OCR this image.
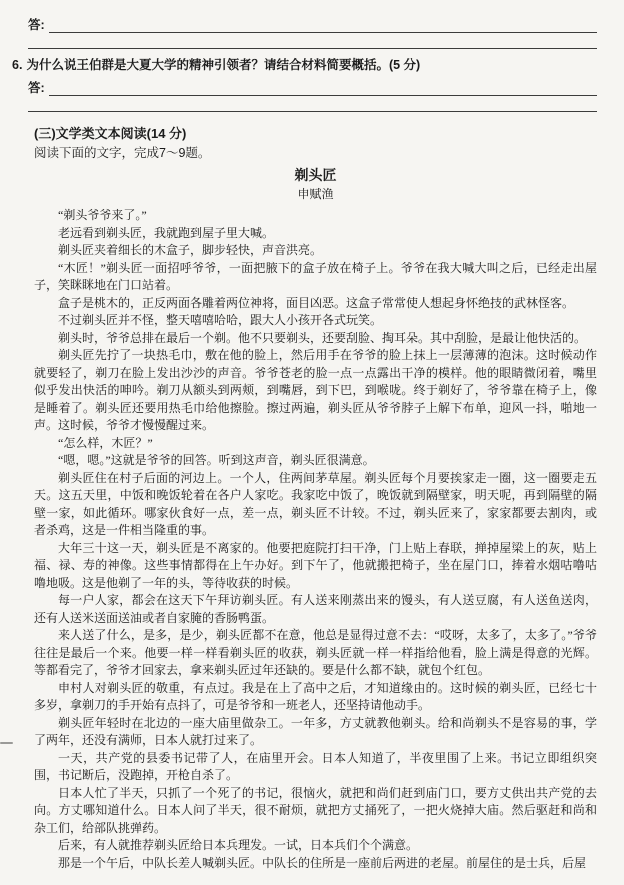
答:
6. 为什么说王伯群是大夏大学的精神引领者？请结合材料简要概括。(5 分)
答:
(三)文学类文本阅读(14 分)
阅读下面的文字，完成7～9题。
剃头匠
申赋渔

“剃头爷爷来了。”

老远看到剃头匠，我就跑到屋子里大喊。

剃头匠夹着细长的木盒子，脚步轻快，声音洪亮。

“木匠！”剃头匠一面招呼爷爷，一面把腋下的盒子放在椅子上。爷爷在我大喊大叫之后，已经走出屋子，笑眯眯地在门口站着。

盒子是桃木的，正反两面各雕着两位神将，面目凶恶。这盒子常常使人想起身怀绝技的武林怪客。

不过剃头匠并不怪，整天嘻嘻哈哈，跟大人小孩开各式玩笑。

剃头时，爷爷总排在最后一个剃。他不只要剃头，还要刮脸、掏耳朵。其中刮脸，是最让他快活的。

剃头匠先拧了一块热毛巾，敷在他的脸上，然后用手在爷爷的脸上抹上一层薄薄的泡沫。这时候动作就要轻了，剃刀在脸上发出沙沙的声音。爷爷苍老的脸一点一点露出干净的模样。他的眼睛微闭着，嘴里似乎发出快活的呻吟。剃刀从额头到两颊，到嘴唇，到下巴，到喉咙。终于剃好了，爷爷靠在椅子上，像是睡着了。剃头匠还要用热毛巾给他擦脸。擦过两遍，剃头匠从爷爷脖子上解下布单，迎风一抖，啪地一声。这时候，爷爷才慢慢醒过来。

“怎么样，木匠？”

“嗯，嗯。”这就是爷爷的回答。听到这声音，剃头匠很满意。

剃头匠住在村子后面的河边上。一个人，住两间茅草屋。剃头匠每个月要挨家走一圈，这一圈要走五天。这五天里，中饭和晚饭轮着在各户人家吃。我家吃中饭了，晚饭就到隔壁家，明天呢，再到隔壁的隔壁一家，如此循环。哪家伙食好一点，差一点，剃头匠不计较。不过，剃头匠来了，家家都要去割肉，或者杀鸡，这是一件相当隆重的事。

大年三十这一天，剃头匠是不离家的。他要把庭院打扫干净，门上贴上春联，掸掉屋梁上的灰，贴上福、禄、寿的神像。这些事情都得在上午办好。到下午了，他就搬把椅子，坐在屋门口，捧着水烟咕噜咕噜地吸。这是他剃了一年的头，等待收获的时候。

每一户人家，都会在这天下午拜访剃头匠。有人送来刚蒸出来的馒头，有人送豆腐，有人送鱼送肉，还有人送米送面送油或者自家腌的香肠鸭蛋。

来人送了什么，是多，是少，剃头匠都不在意，他总是显得过意不去：“哎呀，太多了，太多了。”爷爷往往是最后一个来。他要一样一样看剃头匠的收获，剃头匠就一样一样指给他看，脸上满是得意的光辉。等都看完了，爷爷才回家去，拿来剃头匠过年还缺的。要是什么都不缺，就包个红包。

申村人对剃头匠的敬重，有点过。我是在上了高中之后，才知道缘由的。这时候的剃头匠，已经七十多岁，拿剃刀的手开始有点抖了，可是爷爷和一班老人，还坚持请他动手。

剃头匠年轻时在北边的一座大庙里做杂工。一年多，方丈就教他剃头。给和尚剃头不是容易的事，学了两年，还没有满师，日本人就打过来了。

一天，共产党的县委书记带了人，在庙里开会。日本人知道了，半夜里围了上来。书记立即组织突围，书记断后，没跑掉，开枪自杀了。

日本人忙了半天，只抓了一个死了的书记，很恼火，就把和尚们赶到庙门口，要方丈供出共产党的去向。方丈哪知道什么。日本人问了半天，很不耐烦，就把方丈捅死了，一把火烧掉大庙。然后驱赶和尚和杂工们，给部队挑弹药。

后来，有人就推荐剃头匠给日本兵理发。一试，日本兵们个个满意。

那是一个午后，中队长差人喊剃头匠。中队长的住所是一座前后两进的老屋。前屋住的是士兵，后屋
